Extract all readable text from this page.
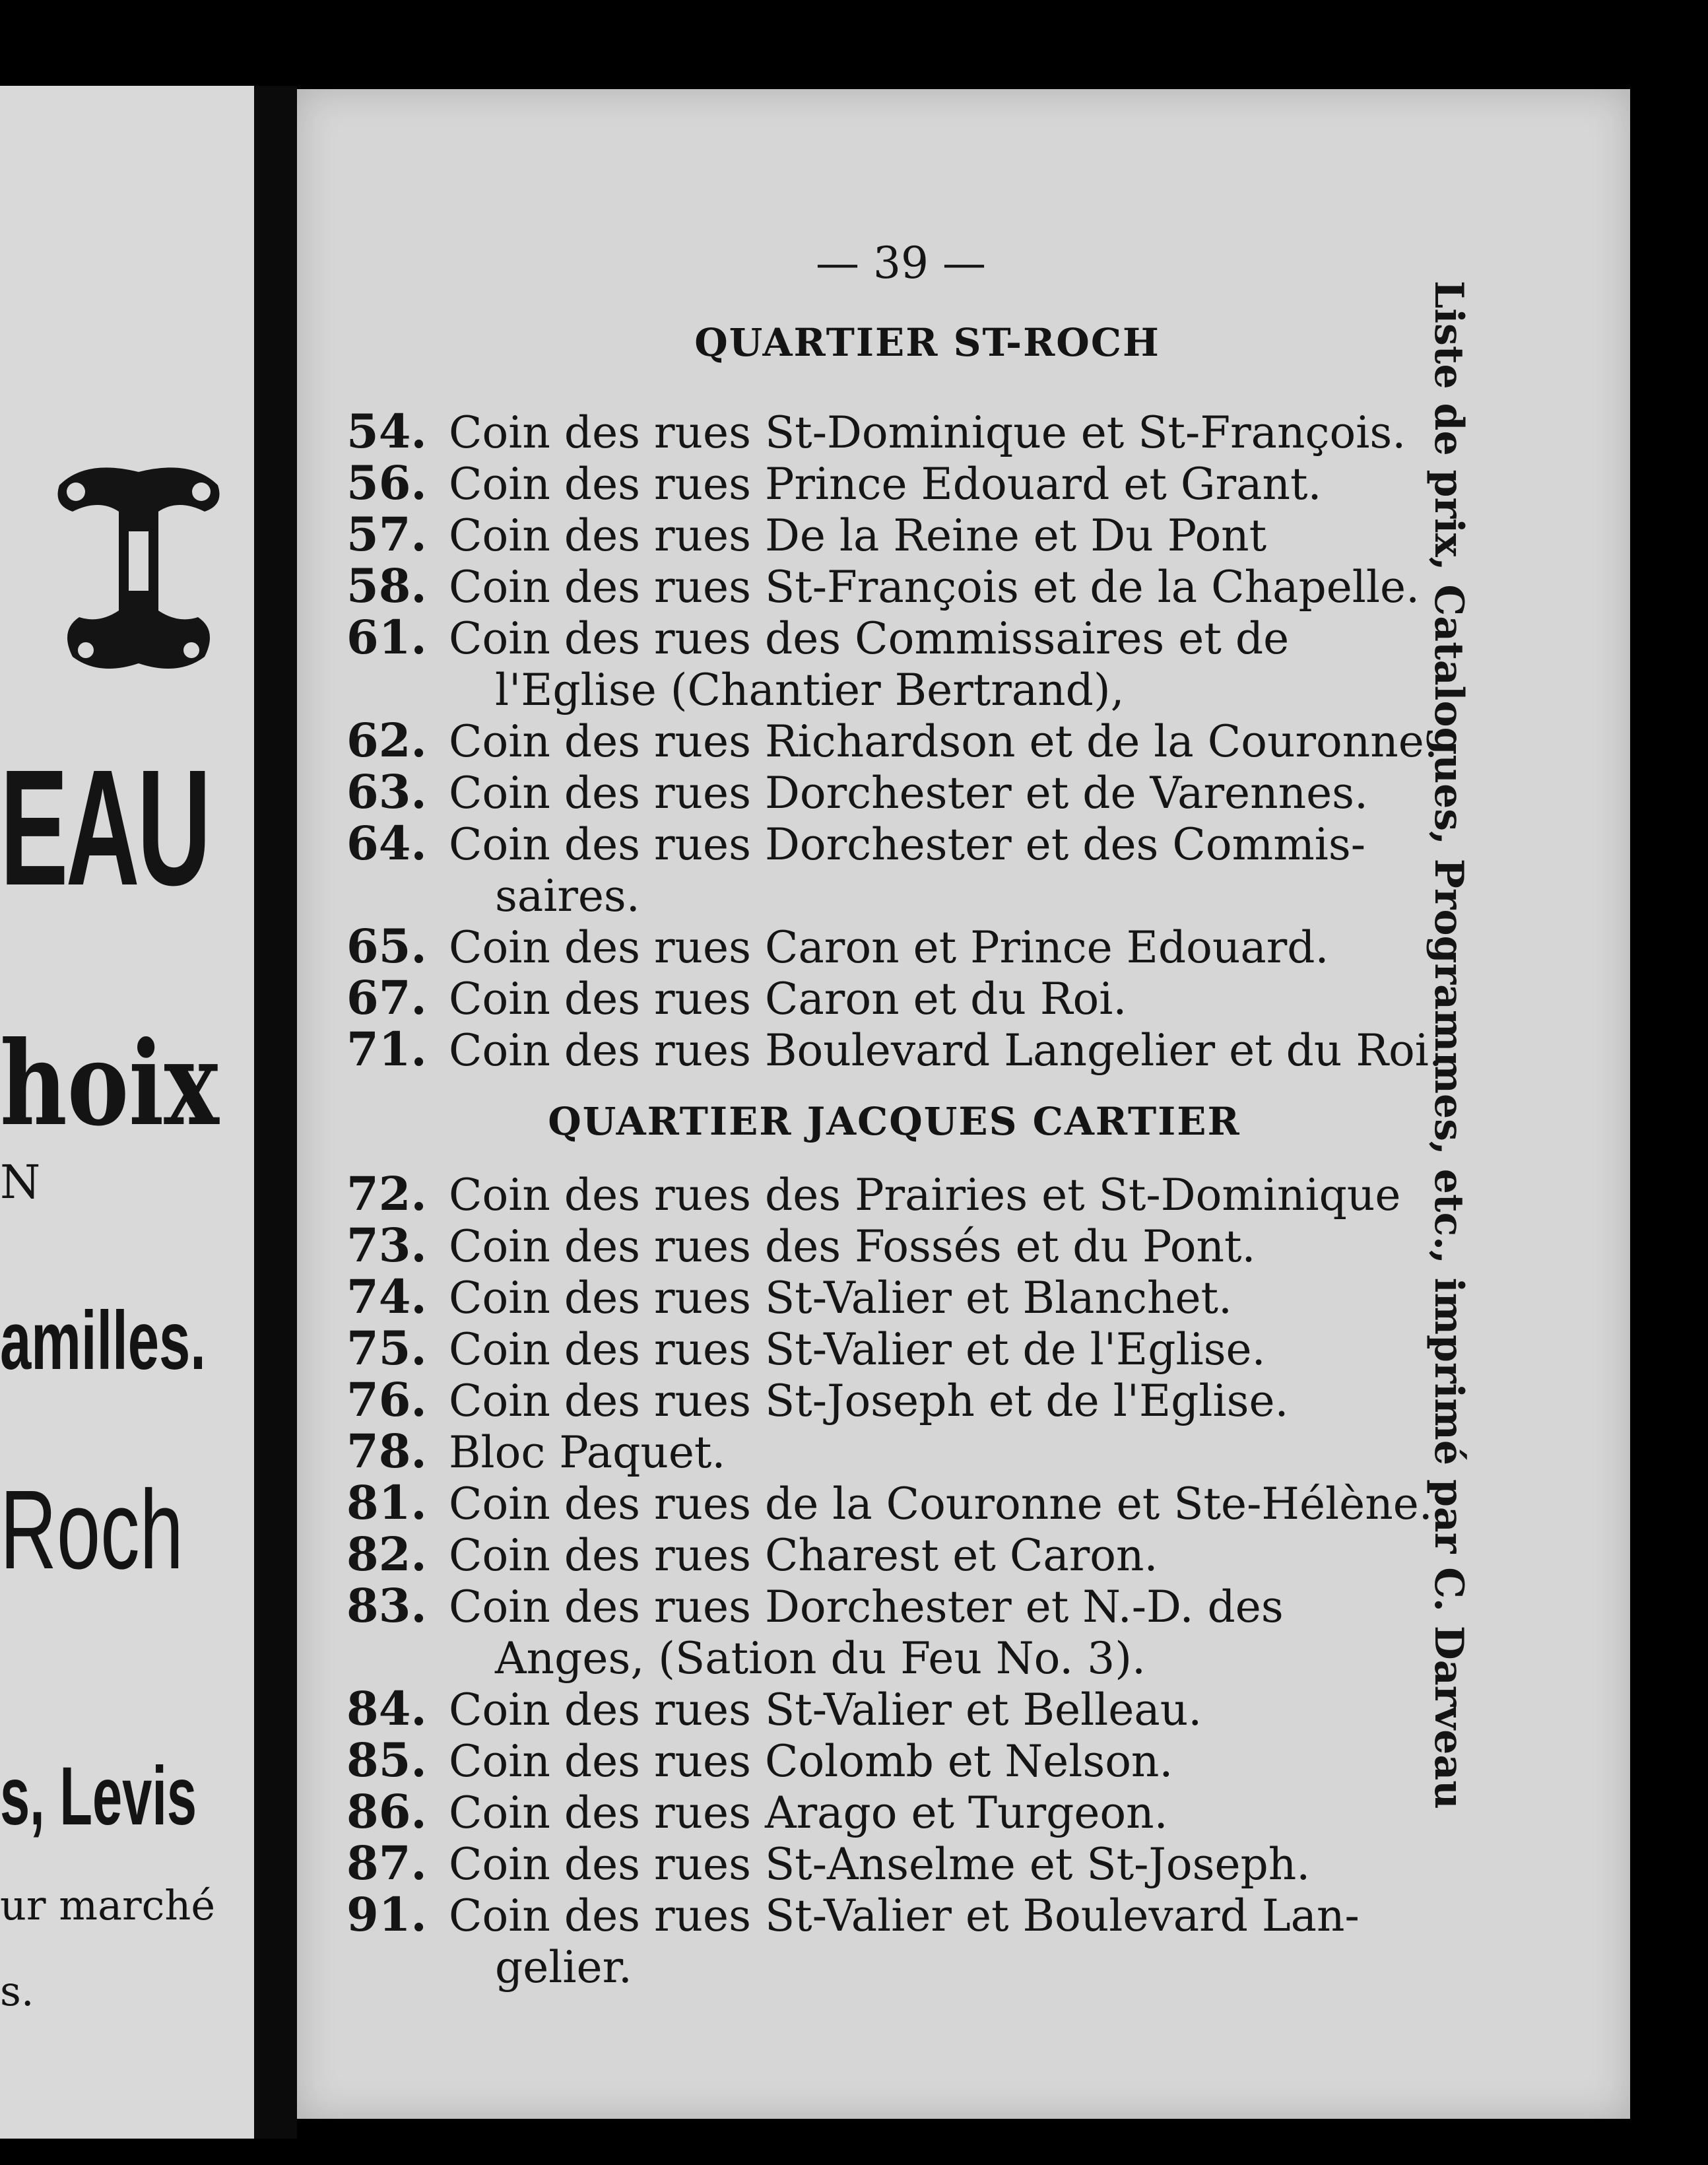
EAU
hoix
N
amilles.
Roch
s, Levis
ur marché
s.
— 39 —
QUARTIER ST-ROCH
54. Coin des rues St-Dominique et St-François.
56. Coin des rues Prince Edouard et Grant.
57. Coin des rues De la Reine et Du Pont
58. Coin des rues St-François et de la Chapelle.
61. Coin des rues des Commissaires et de
l'Eglise (Chantier Bertrand),
62. Coin des rues Richardson et de la Couronne.
63. Coin des rues Dorchester et de Varennes.
64. Coin des rues Dorchester et des Commis-
saires.
65. Coin des rues Caron et Prince Edouard.
67. Coin des rues Caron et du Roi.
71. Coin des rues Boulevard Langelier et du Roi.
QUARTIER JACQUES CARTIER
72. Coin des rues des Prairies et St-Dominique
73. Coin des rues des Fossés et du Pont.
74. Coin des rues St-Valier et Blanchet.
75. Coin des rues St-Valier et de l'Eglise.
76. Coin des rues St-Joseph et de l'Eglise.
78. Bloc Paquet.
81. Coin des rues de la Couronne et Ste-Hélène.
82. Coin des rues Charest et Caron.
83. Coin des rues Dorchester et N.-D. des
Anges, (Sation du Feu No. 3).
84. Coin des rues St-Valier et Belleau.
85. Coin des rues Colomb et Nelson.
86. Coin des rues Arago et Turgeon.
87. Coin des rues St-Anselme et St-Joseph.
91. Coin des rues St-Valier et Boulevard Lan-
gelier.
Liste de prix, Catalogues, Programmes, etc., imprimé par C. Darveau
